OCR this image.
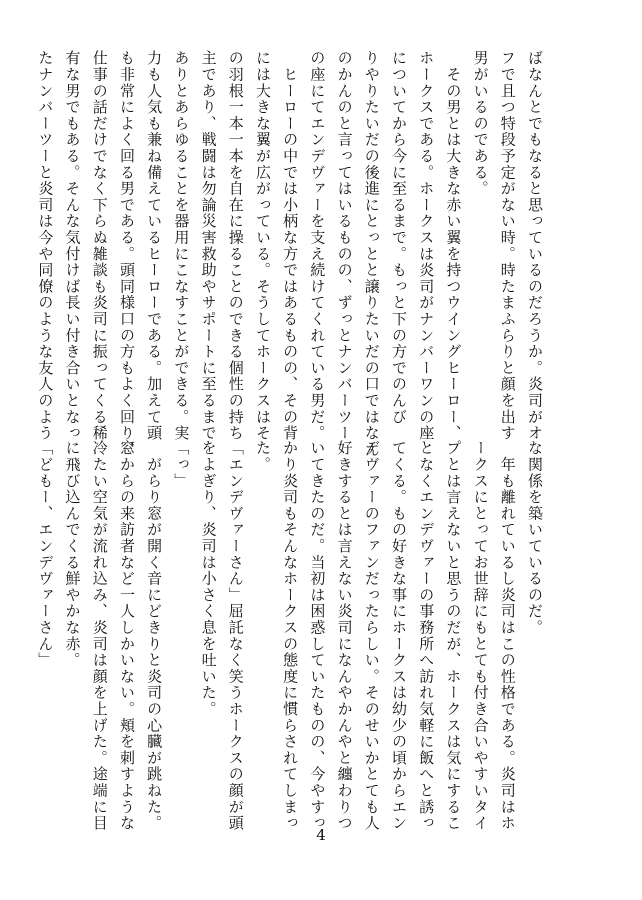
ばなんとでもなると思っているのだろうか。炎司がオ
フで且つ特段予定がない時。時たまふらりと顔を出す
男がいるのである。
　その男とは大きな赤い翼を持つウイングヒーロー、
ホークスである。ホークスは炎司がナンバーワンの座
についてから今に至るまで。もっと下の方でのんび
りやりたいだの後進にとっとと譲りたいだの口ではなん
のかんのと言ってはいるものの、ずっとナンバーツー
の座にてエンデヴァーを支え続けてくれている男だ。
　ヒーローの中では小柄な方ではあるものの、その背
には大きな翼が広がっている。そうしてホークスはそ
の羽根一本一本を自在に操ることのできる個性の持ち
主であり、戦闘は勿論災害救助やサポートに至るまで
ありとあらゆることを器用にこなすことができる。実
力も人気も兼ね備えているヒーローである。加えて頭
も非常によく回る男である。頭同様口の方もよく回り、
仕事の話だけでなく下らぬ雑談も炎司に振ってくる稀
有な男でもある。そんな気付けば長い付き合いとなっ
たナンバーツーと炎司は今や同僚のような友人のよう
な関係を築いているのだ。
　年も離れているし炎司はこの性格である。炎司はホ
ークスにとってお世辞にもとても付き合いやすいタイ
プとは言えないと思うのだが、ホークスは気にするこ
となくエンデヴァーの事務所へ訪れ気軽に飯へと誘っ
てくる。もの好きな事にホークスは幼少の頃からエン
デヴァーのファンだったらしい。そのせいかとても人
好きするとは言えない炎司になんやかんやと纏わりつ
いてきたのだ。当初は困惑していたものの、今やすっ
かり炎司もそんなホークスの態度に慣らされてしまっ
た。
「エンデヴァーさん」屈託なく笑うホークスの顔が頭
をよぎり、炎司は小さく息を吐いた。
「っ」
　がらり窓が開く音にどきりと炎司の心臓が跳ねた。
窓からの来訪者など一人しかいない。頬を刺すような
冷たい空気が流れ込み、炎司は顔を上げた。途端に目
に飛び込んでくる鮮やかな赤。
「どもー、エンデヴァーさん」
4
